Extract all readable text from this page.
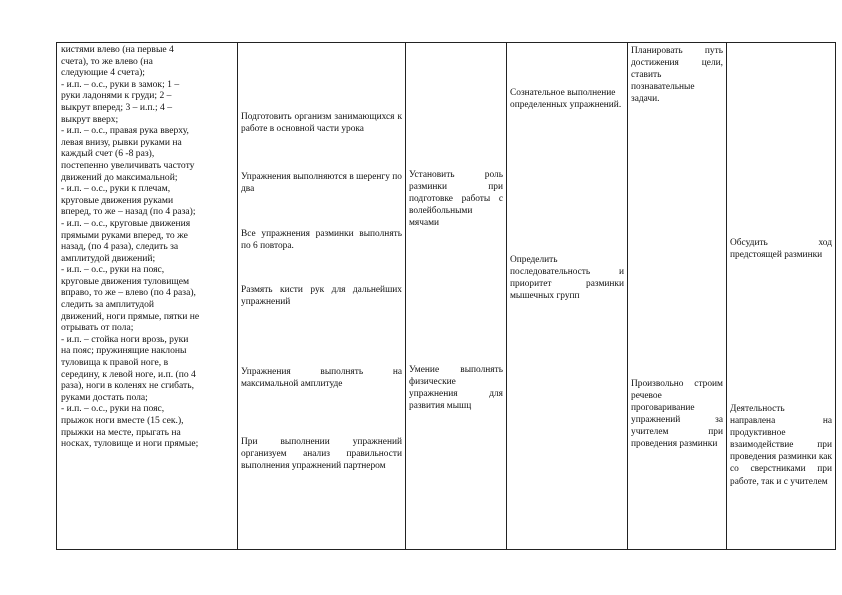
кистями влево (на первые 4
счета), то же влево (на
следующие 4 счета);
- и.п. – о.с., руки в замок; 1 –
руки ладонями к груди; 2 –
выкрут вперед; 3 – и.п.; 4 –
выкрут вверх;
- и.п. – о.с., правая рука вверху,
левая внизу, рывки руками на
каждый счет (6 -8 раз),
постепенно увеличивать частоту
движений до максимальной;
- и.п. – о.с., руки к плечам,
круговые движения руками
вперед, то же – назад (по 4 раза);
- и.п. – о.с., круговые движения
прямыми руками вперед, то же
назад, (по 4 раза), следить за
амплитудой движений;
- и.п. – о.с., руки на пояс,
круговые движения туловищем
вправо, то же – влево (по 4 раза),
следить за амплитудой
движений, ноги прямые, пятки не
отрывать от пола;
- и.п. – стойка ноги врозь, руки
на пояс; пружинящие наклоны
туловища к правой ноге, в
середину, к левой ноге, и.п. (по 4
раза), ноги в коленях не сгибать,
руками достать пола;
- и.п. – о.с., руки на пояс,
прыжок ноги вместе (15 сек.),
прыжки на месте, прыгать на
носках, туловище и ноги прямые;

Подготовить организм занимающихся к работе в основной части урока
Упражнения выполняются в шеренгу по два
Все упражнения разминки выполнять по 6 повтора.
Размять кисти рук для дальнейших упражнений
Упражнения выполнять на максимальной амплитуде
При выполнении упражнений организуем анализ правильности выполнения упражнений партнером

Установить роль разминки при подготовке работы с волейбольными мячами
Умение выполнять физические упражнения для развития мышц

Сознательное выполнение определенных упражнений.
Определить последовательность и приоритет разминки мышечных групп

Планировать путь достижения цели, ставить познавательные задачи.
Произвольно строим речевое проговаривание упражнений за учителем при проведения разминки

Обсудить ход предстоящей разминки
Деятельность направлена на продуктивное взаимодействие при проведения разминки как со сверстниками при работе, так и с учителем
